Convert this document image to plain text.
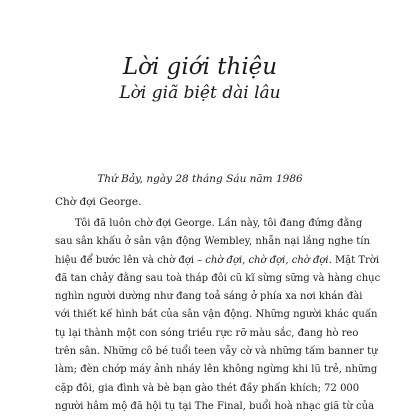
Lời giới thiệu
Lời giã biệt dài lâu
Thứ Bảy, ngày 28 tháng Sáu năm 1986
Chờ đợi George.
Tôi đã luôn chờ đợi George. Lần này, tôi đang đứng đằng
sau sân khấu ở sân vận động Wembley, nhẫn nại lắng nghe tín
hiệu để bước lên và chờ đợi – chờ đợi, chờ đợi, chờ đợi. Mặt Trời
đã tan chảy đằng sau toà tháp đôi cũ kĩ sừng sững và hàng chục
nghìn người dường như đang toả sáng ở phía xa nơi khán đài
với thiết kế hình bát của sân vận động. Những người khác quấn
tụ lại thành một con sóng triều rực rỡ màu sắc, đang hò reo
trên sân. Những cô bé tuổi teen vẫy cờ và những tấm banner tự
làm; đèn chớp máy ảnh nháy lên không ngừng khi lũ trẻ, những
cặp đôi, gia đình và bè bạn gào thét đầy phấn khích; 72 000
người hâm mộ đã hội tụ tại The Final, buổi hoà nhạc giã từ của
